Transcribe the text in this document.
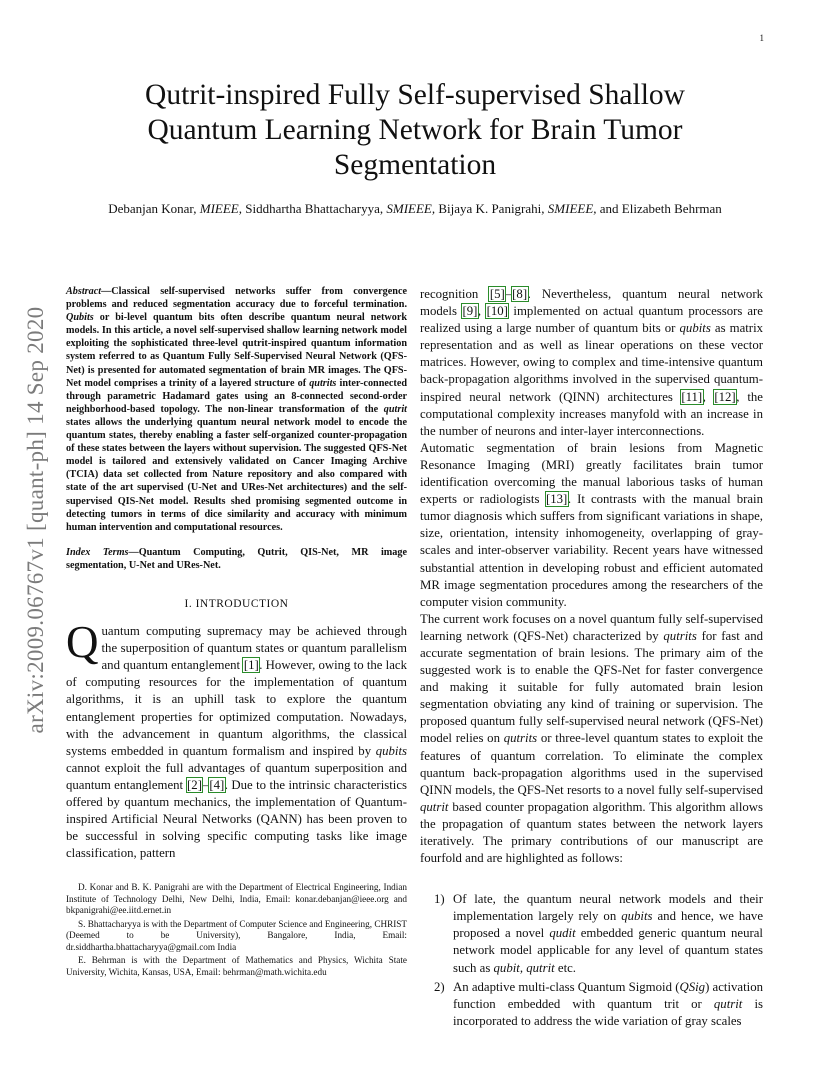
1
arXiv:2009.06767v1 [quant-ph] 14 Sep 2020
Qutrit-inspired Fully Self-supervised Shallow Quantum Learning Network for Brain Tumor Segmentation
Debanjan Konar, MIEEE, Siddhartha Bhattacharyya, SMIEEE, Bijaya K. Panigrahi, SMIEEE, and Elizabeth Behrman

Abstract—Classical self-supervised networks suffer from convergence problems and reduced segmentation accuracy due to forceful termination. Qubits or bi-level quantum bits often describe quantum neural network models. In this article, a novel self-supervised shallow learning network model exploiting the sophisticated three-level qutrit-inspired quantum information system referred to as Quantum Fully Self-Supervised Neural Network (QFS-Net) is presented for automated segmentation of brain MR images. The QFS-Net model comprises a trinity of a layered structure of qutrits inter-connected through parametric Hadamard gates using an 8-connected second-order neighborhood-based topology. The non-linear transformation of the qutrit states allows the underlying quantum neural network model to encode the quantum states, thereby enabling a faster self-organized counter-propagation of these states between the layers without supervision. The suggested QFS-Net model is tailored and extensively validated on Cancer Imaging Archive (TCIA) data set collected from Nature repository and also compared with state of the art supervised (U-Net and URes-Net architectures) and the self-supervised QIS-Net model. Results shed promising segmented outcome in detecting tumors in terms of dice similarity and accuracy with minimum human intervention and computational resources.

Index Terms—Quantum Computing, Qutrit, QIS-Net, MR image segmentation, U-Net and URes-Net.

I. INTRODUCTION

Quantum computing supremacy may be achieved through the superposition of quantum states or quantum parallelism and quantum entanglement [1]. However, owing to the lack of computing resources for the implementation of quantum algorithms, it is an uphill task to explore the quantum entanglement properties for optimized computation. Nowadays, with the advancement in quantum algorithms, the classical systems embedded in quantum formalism and inspired by qubits cannot exploit the full advantages of quantum superposition and quantum entanglement [2]–[4]. Due to the intrinsic characteristics offered by quantum mechanics, the implementation of Quantum-inspired Artificial Neural Networks (QANN) has been proven to be successful in solving specific computing tasks like image classification, pattern

D. Konar and B. K. Panigrahi are with the Department of Electrical Engineering, Indian Institute of Technology Delhi, New Delhi, India, Email: konar.debanjan@ieee.org and bkpanigrahi@ee.iitd.ernet.in

S. Bhattacharyya is with the Department of Computer Science and Engineering, CHRIST (Deemed to be University), Bangalore, India, Email: dr.siddhartha.bhattacharyya@gmail.com India

E. Behrman is with the Department of Mathematics and Physics, Wichita State University, Wichita, Kansas, USA, Email: behrman@math.wichita.edu

recognition [5]–[8]. Nevertheless, quantum neural network models [9], [10] implemented on actual quantum processors are realized using a large number of quantum bits or qubits as matrix representation and as well as linear operations on these vector matrices. However, owing to complex and time-intensive quantum back-propagation algorithms involved in the supervised quantum-inspired neural network (QINN) architectures [11], [12], the computational complexity increases manyfold with an increase in the number of neurons and inter-layer interconnections.

Automatic segmentation of brain lesions from Magnetic Resonance Imaging (MRI) greatly facilitates brain tumor identification overcoming the manual laborious tasks of human experts or radiologists [13]. It contrasts with the manual brain tumor diagnosis which suffers from significant variations in shape, size, orientation, intensity inhomogeneity, overlapping of gray-scales and inter-observer variability. Recent years have witnessed substantial attention in developing robust and efficient automated MR image segmentation procedures among the researchers of the computer vision community.

The current work focuses on a novel quantum fully self-supervised learning network (QFS-Net) characterized by qutrits for fast and accurate segmentation of brain lesions. The primary aim of the suggested work is to enable the QFS-Net for faster convergence and making it suitable for fully automated brain lesion segmentation obviating any kind of training or supervision. The proposed quantum fully self-supervised neural network (QFS-Net) model relies on qutrits or three-level quantum states to exploit the features of quantum correlation. To eliminate the complex quantum back-propagation algorithms used in the supervised QINN models, the QFS-Net resorts to a novel fully self-supervised qutrit based counter propagation algorithm. This algorithm allows the propagation of quantum states between the network layers iteratively. The primary contributions of our manuscript are fourfold and are highlighted as follows:

1) Of late, the quantum neural network models and their implementation largely rely on qubits and hence, we have proposed a novel qudit embedded generic quantum neural network model applicable for any level of quantum states such as qubit, qutrit etc.
2) An adaptive multi-class Quantum Sigmoid (QSig) activation function embedded with quantum trit or qutrit is incorporated to address the wide variation of gray scales
